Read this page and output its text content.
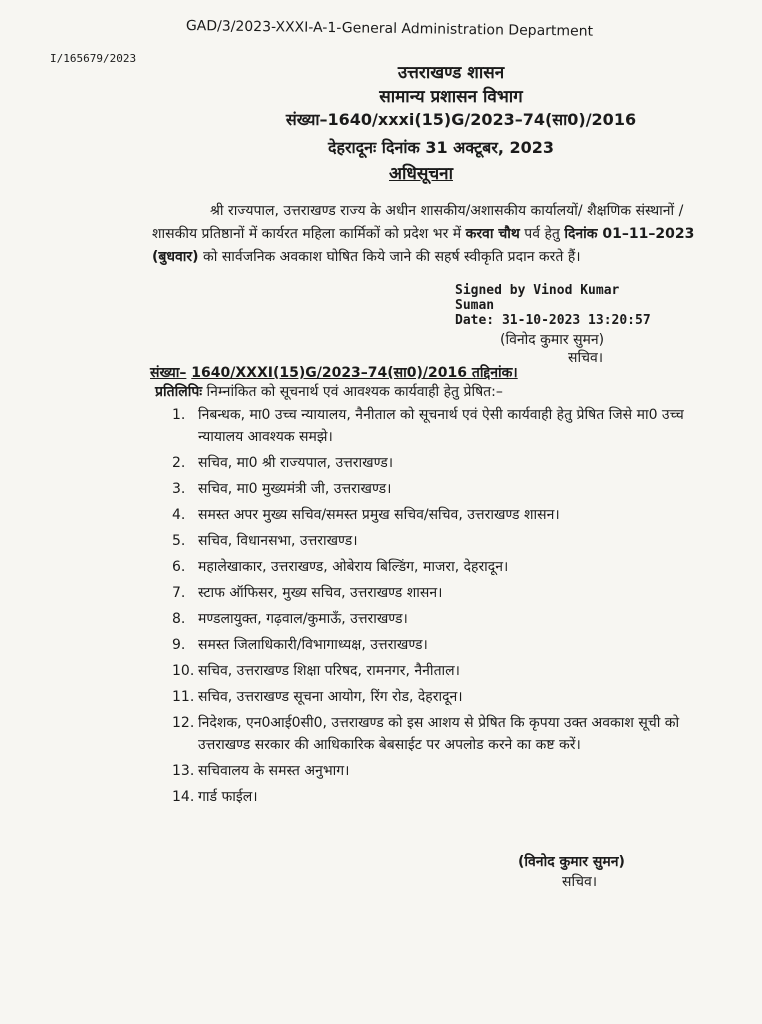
GAD/3/2023-XXXI-A-1-General Administration Department
I/165679/2023
उत्तराखण्ड शासन
सामान्य प्रशासन विभाग
संख्या–1640/xxxi(15)G/2023–74(सा0)/2016
देहरादूनः दिनांक 31 अक्टूबर, 2023
अधिसूचना
श्री राज्यपाल, उत्तराखण्ड राज्य के अधीन शासकीय/अशासकीय कार्यालयों/ शैक्षणिक संस्थानों /शासकीय प्रतिष्ठानों में कार्यरत महिला कार्मिकों को प्रदेश भर में करवा चौथ पर्व हेतु दिनांक 01–11–2023 (बुधवार) को सार्वजनिक अवकाश घोषित किये जाने की सहर्ष स्वीकृति प्रदान करते हैं।
Signed by Vinod Kumar
Suman
Date: 31-10-2023 13:20:57
(विनोद कुमार सुमन)
सचिव।
संख्या– 1640/XXXI(15)G/2023–74(सा0)/2016 तद्दिनांक।
प्रतिलिपिः निम्नांकित को सूचनार्थ एवं आवश्यक कार्यवाही हेतु प्रेषित:–
1. निबन्धक, मा0 उच्च न्यायालय, नैनीताल को सूचनार्थ एवं ऐसी कार्यवाही हेतु प्रेषित जिसे मा0 उच्च न्यायालय आवश्यक समझे।
2. सचिव, मा0 श्री राज्यपाल, उत्तराखण्ड।
3. सचिव, मा0 मुख्यमंत्री जी, उत्तराखण्ड।
4. समस्त अपर मुख्य सचिव/समस्त प्रमुख सचिव/सचिव, उत्तराखण्ड शासन।
5. सचिव, विधानसभा, उत्तराखण्ड।
6. महालेखाकार, उत्तराखण्ड, ओबेराय बिल्डिंग, माजरा, देहरादून।
7. स्टाफ ऑफिसर, मुख्य सचिव, उत्तराखण्ड शासन।
8. मण्डलायुक्त, गढ़वाल/कुमाऊँ, उत्तराखण्ड।
9. समस्त जिलाधिकारी/विभागाध्यक्ष, उत्तराखण्ड।
10. सचिव, उत्तराखण्ड शिक्षा परिषद, रामनगर, नैनीताल।
11. सचिव, उत्तराखण्ड सूचना आयोग, रिंग रोड, देहरादून।
12. निदेशक, एन0आई0सी0, उत्तराखण्ड को इस आशय से प्रेषित कि कृपया उक्त अवकाश सूची को उत्तराखण्ड सरकार की आधिकारिक बेबसाईट पर अपलोड करने का कष्ट करें।
13. सचिवालय के समस्त अनुभाग।
14. गार्ड फाईल।
(विनोद कुमार सुमन)
सचिव।
